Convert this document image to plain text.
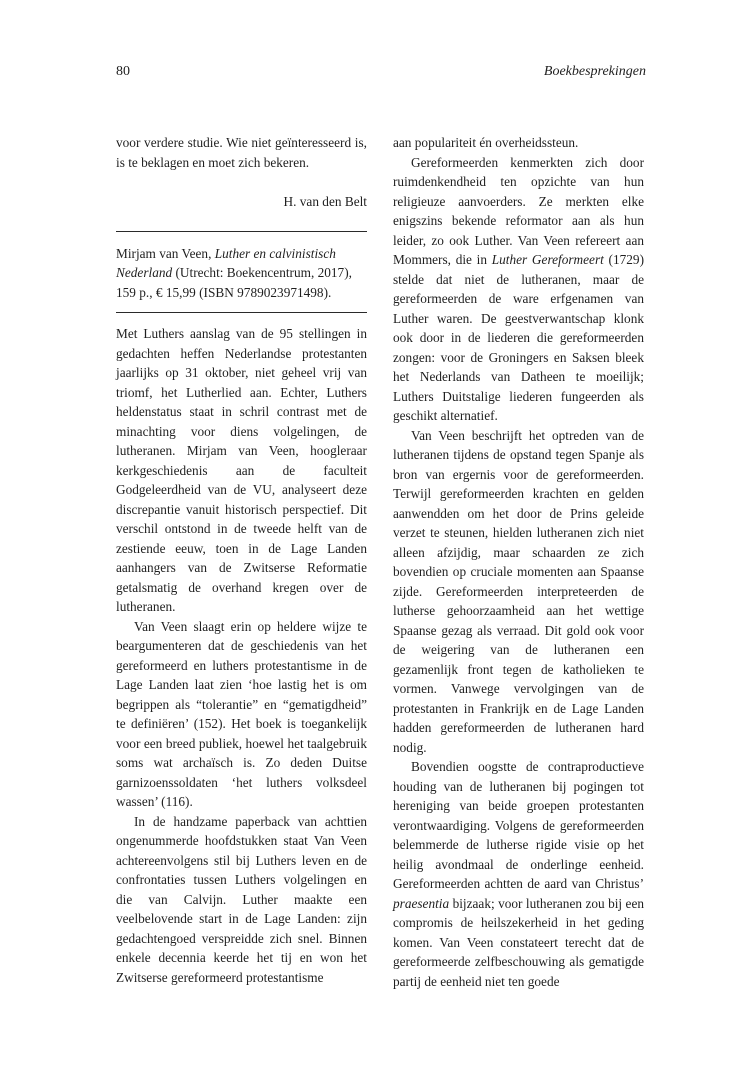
80	Boekbesprekingen

voor verdere studie. Wie niet geïnteresseerd is, is te beklagen en moet zich bekeren.

H. van den Belt

Mirjam van Veen, Luther en calvinistisch Nederland (Utrecht: Boekencentrum, 2017), 159 p., € 15,99 (ISBN 9789023971498).

Met Luthers aanslag van de 95 stellingen in gedachten heffen Nederlandse protestanten jaarlijks op 31 oktober, niet geheel vrij van triomf, het Lutherlied aan. Echter, Luthers heldenstatus staat in schril contrast met de minachting voor diens volgelingen, de lutheranen. Mirjam van Veen, hoogleraar kerkgeschiedenis aan de faculteit Godgeleerdheid van de VU, analyseert deze discrepantie vanuit historisch perspectief. Dit verschil ontstond in de tweede helft van de zestiende eeuw, toen in de Lage Landen aanhangers van de Zwitserse Reformatie getalsmatig de overhand kregen over de lutheranen.

Van Veen slaagt erin op heldere wijze te beargumenteren dat de geschiedenis van het gereformeerd en luthers protestantisme in de Lage Landen laat zien ‘hoe lastig het is om begrippen als “tolerantie” en “gematigdheid” te definiëren’ (152). Het boek is toegankelijk voor een breed publiek, hoewel het taalgebruik soms wat archaïsch is. Zo deden Duitse garnizoenssoldaten ‘het luthers volksdeel wassen’ (116).

In de handzame paperback van achttien ongenummerde hoofdstukken staat Van Veen achtereenvolgens stil bij Luthers leven en de confrontaties tussen Luthers volgelingen en die van Calvijn. Luther maakte een veelbelovende start in de Lage Landen: zijn gedachtengoed verspreidde zich snel. Binnen enkele decennia keerde het tij en won het Zwitserse gereformeerd protestantisme

aan populariteit én overheidssteun.

Gereformeerden kenmerkten zich door ruimdenkendheid ten opzichte van hun religieuze aanvoerders. Ze merkten elke enigszins bekende reformator aan als hun leider, zo ook Luther. Van Veen refereert aan Mommers, die in Luther Gereformeert (1729) stelde dat niet de lutheranen, maar de gereformeerden de ware erfgenamen van Luther waren. De geestverwantschap klonk ook door in de liederen die gereformeerden zongen: voor de Groningers en Saksen bleek het Nederlands van Datheen te moeilijk; Luthers Duitstalige liederen fungeerden als geschikt alternatief.

Van Veen beschrijft het optreden van de lutheranen tijdens de opstand tegen Spanje als bron van ergernis voor de gereformeerden. Terwijl gereformeerden krachten en gelden aanwendden om het door de Prins geleide verzet te steunen, hielden lutheranen zich niet alleen afzijdig, maar schaarden ze zich bovendien op cruciale momenten aan Spaanse zijde. Gereformeerden interpreteerden de lutherse gehoorzaamheid aan het wettige Spaanse gezag als verraad. Dit gold ook voor de weigering van de lutheranen een gezamenlijk front tegen de katholieken te vormen. Vanwege vervolgingen van de protestanten in Frankrijk en de Lage Landen hadden gereformeerden de lutheranen hard nodig.

Bovendien oogstte de contraproductieve houding van de lutheranen bij pogingen tot hereniging van beide groepen protestanten verontwaardiging. Volgens de gereformeerden belemmerde de lutherse rigide visie op het heilig avondmaal de onderlinge eenheid. Gereformeerden achtten de aard van Christus’ praesentia bijzaak; voor lutheranen zou bij een compromis de heilszekerheid in het geding komen. Van Veen constateert terecht dat de gereformeerde zelfbeschouwing als gematigde partij de eenheid niet ten goede
